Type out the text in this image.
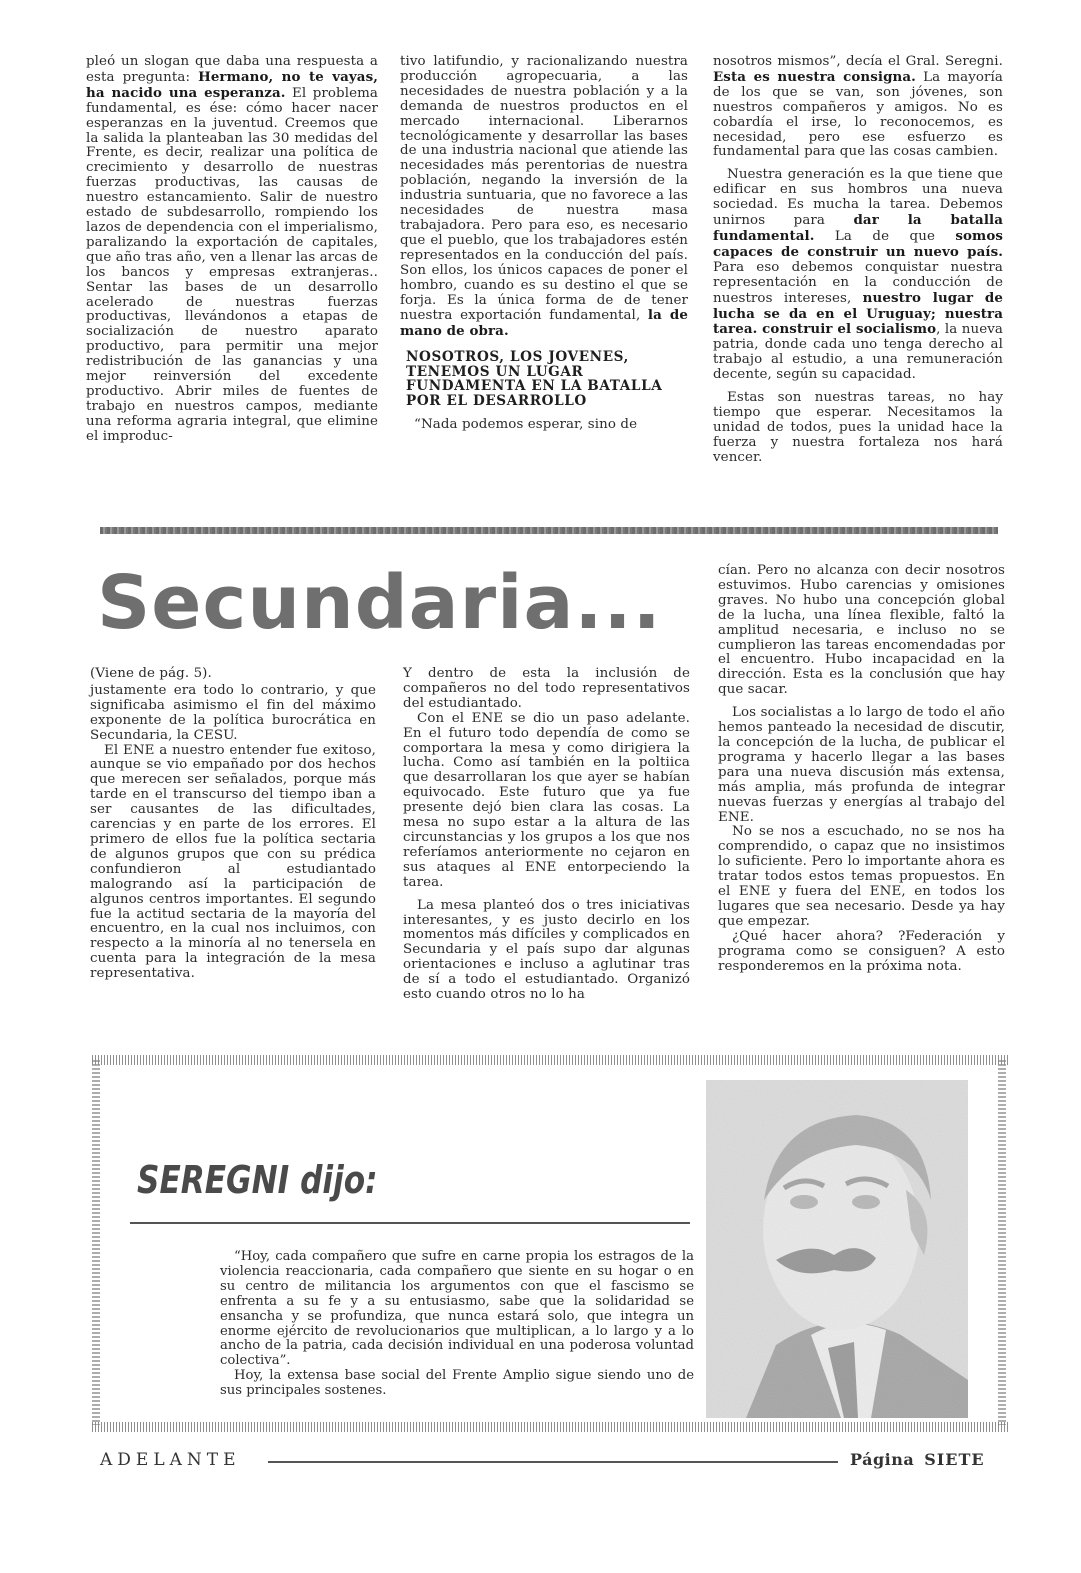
pleó un slogan que daba una respuesta a esta pregunta: Hermano, no te vayas, ha nacido una esperanza. El problema fundamental, es ése: cómo hacer nacer esperanzas en la juventud. Creemos que la salida la planteaban las 30 medidas del Frente, es decir, realizar una política de crecimiento y desarrollo de nuestras fuerzas productivas, las causas de nuestro estancamiento. Salir de nuestro estado de subdesarrollo, rompiendo los lazos de dependencia con el imperialismo, paralizando la exportación de capitales, que año tras año, ven a llenar las arcas de los bancos y empresas extranjeras.. Sentar las bases de un desarrollo acelerado de nuestras fuerzas productivas, llevándonos a etapas de socialización de nuestro aparato productivo, para permitir una mejor redistribución de las ganancias y una mejor reinversión del excedente productivo. Abrir miles de fuentes de trabajo en nuestros campos, mediante una reforma agraria integral, que elimine el improduc-

tivo latifundio, y racionalizando nuestra producción agropecuaria, a las necesidades de nuestra población y a la demanda de nuestros productos en el mercado internacional. Liberarnos tecnológicamente y desarrollar las bases de una industria nacional que atiende las necesidades más perentorias de nuestra población, negando la inversión de la industria suntuaria, que no favorece a las necesidades de nuestra masa trabajadora. Pero para eso, es necesario que el pueblo, que los trabajadores estén representados en la conducción del país. Son ellos, los únicos capaces de poner el hombro, cuando es su destino el que se forja. Es la única forma de de tener nuestra exportación fundamental, la de mano de obra.

NOSOTROS, LOS JOVENES, TENEMOS UN LUGAR FUNDAMENTA EN LA BATALLA POR EL DESARROLLO

“Nada podemos esperar, sino de

nosotros mismos”, decía el Gral. Seregni. Esta es nuestra consigna. La mayoría de los que se van, son jóvenes, son nuestros compañeros y amigos. No es cobardía el irse, lo reconocemos, es necesidad, pero ese esfuerzo es fundamental para que las cosas cambien.

Nuestra generación es la que tiene que edificar en sus hombros una nueva sociedad. Es mucha la tarea. Debemos unirnos para dar la batalla fundamental. La de que somos capaces de construir un nuevo país. Para eso debemos conquistar nuestra representación en la conducción de nuestros intereses, nuestro lugar de lucha se da en el Uruguay; nuestra tarea. construir el socialismo, la nueva patria, donde cada uno tenga derecho al trabajo al estudio, a una remuneración decente, según su capacidad.

Estas son nuestras tareas, no hay tiempo que esperar. Necesitamos la unidad de todos, pues la unidad hace la fuerza y nuestra fortaleza nos hará vencer.

Secundaria...

(Viene de pág. 5).

justamente era todo lo contrario, y que significaba asimismo el fin del máximo exponente de la política burocrática en Secundaria, la CESU.

El ENE a nuestro entender fue exitoso, aunque se vio empañado por dos hechos que merecen ser señalados, porque más tarde en el transcurso del tiempo iban a ser causantes de las dificultades, carencias y en parte de los errores. El primero de ellos fue la política sectaria de algunos grupos que con su prédica confundieron al estudiantado malogrando así la participación de algunos centros importantes. El segundo fue la actitud sectaria de la mayoría del encuentro, en la cual nos incluimos, con respecto a la minoría al no tenersela en cuenta para la integración de la mesa representativa.

Y dentro de esta la inclusión de compañeros no del todo representativos del estudiantado.

Con el ENE se dio un paso adelante. En el futuro todo dependía de como se comportara la mesa y como dirigiera la lucha. Como así también en la poltiica que desarrollaran los que ayer se habían equivocado. Este futuro que ya fue presente dejó bien clara las cosas. La mesa no supo estar a la altura de las circunstancias y los grupos a los que nos referíamos anteriormente no cejaron en sus ataques al ENE entorpeciendo la tarea.

La mesa planteó dos o tres iniciativas interesantes, y es justo decirlo en los momentos más difíciles y complicados en Secundaria y el país supo dar algunas orientaciones e incluso a aglutinar tras de sí a todo el estudiantado. Organizó esto cuando otros no lo ha

cían. Pero no alcanza con decir nosotros estuvimos. Hubo carencias y omisiones graves. No hubo una concepción global de la lucha, una línea flexible, faltó la amplitud necesaria, e incluso no se cumplieron las tareas encomendadas por el encuentro. Hubo incapacidad en la dirección. Esta es la conclusión que hay que sacar.

Los socialistas a lo largo de todo el año hemos panteado la necesidad de discutir, la concepción de la lucha, de publicar el programa y hacerlo llegar a las bases para una nueva discusión más extensa, más amplia, más profunda de integrar nuevas fuerzas y energías al trabajo del ENE.

No se nos a escuchado, no se nos ha comprendido, o capaz que no insistimos lo suficiente. Pero lo importante ahora es tratar todos estos temas propuestos. En el ENE y fuera del ENE, en todos los lugares que sea necesario. Desde ya hay que empezar.

¿Qué hacer ahora? ?Federación y programa como se consiguen? A esto responderemos en la próxima nota.

SEREGNI dijo:

“Hoy, cada compañero que sufre en carne propia los estragos de la violencia reaccionaria, cada compañero que siente en su hogar o en su centro de militancia los argumentos con que el fascismo se enfrenta a su fe y a su entusiasmo, sabe que la solidaridad se ensancha y se profundiza, que nunca estará solo, que integra un enorme ejército de revolucionarios que multiplican, a lo largo y a lo ancho de la patria, cada decisión individual en una poderosa voluntad colectiva”.

Hoy, la extensa base social del Frente Amplio sigue siendo uno de sus principales sostenes.

ADELANTE	Página SIETE
